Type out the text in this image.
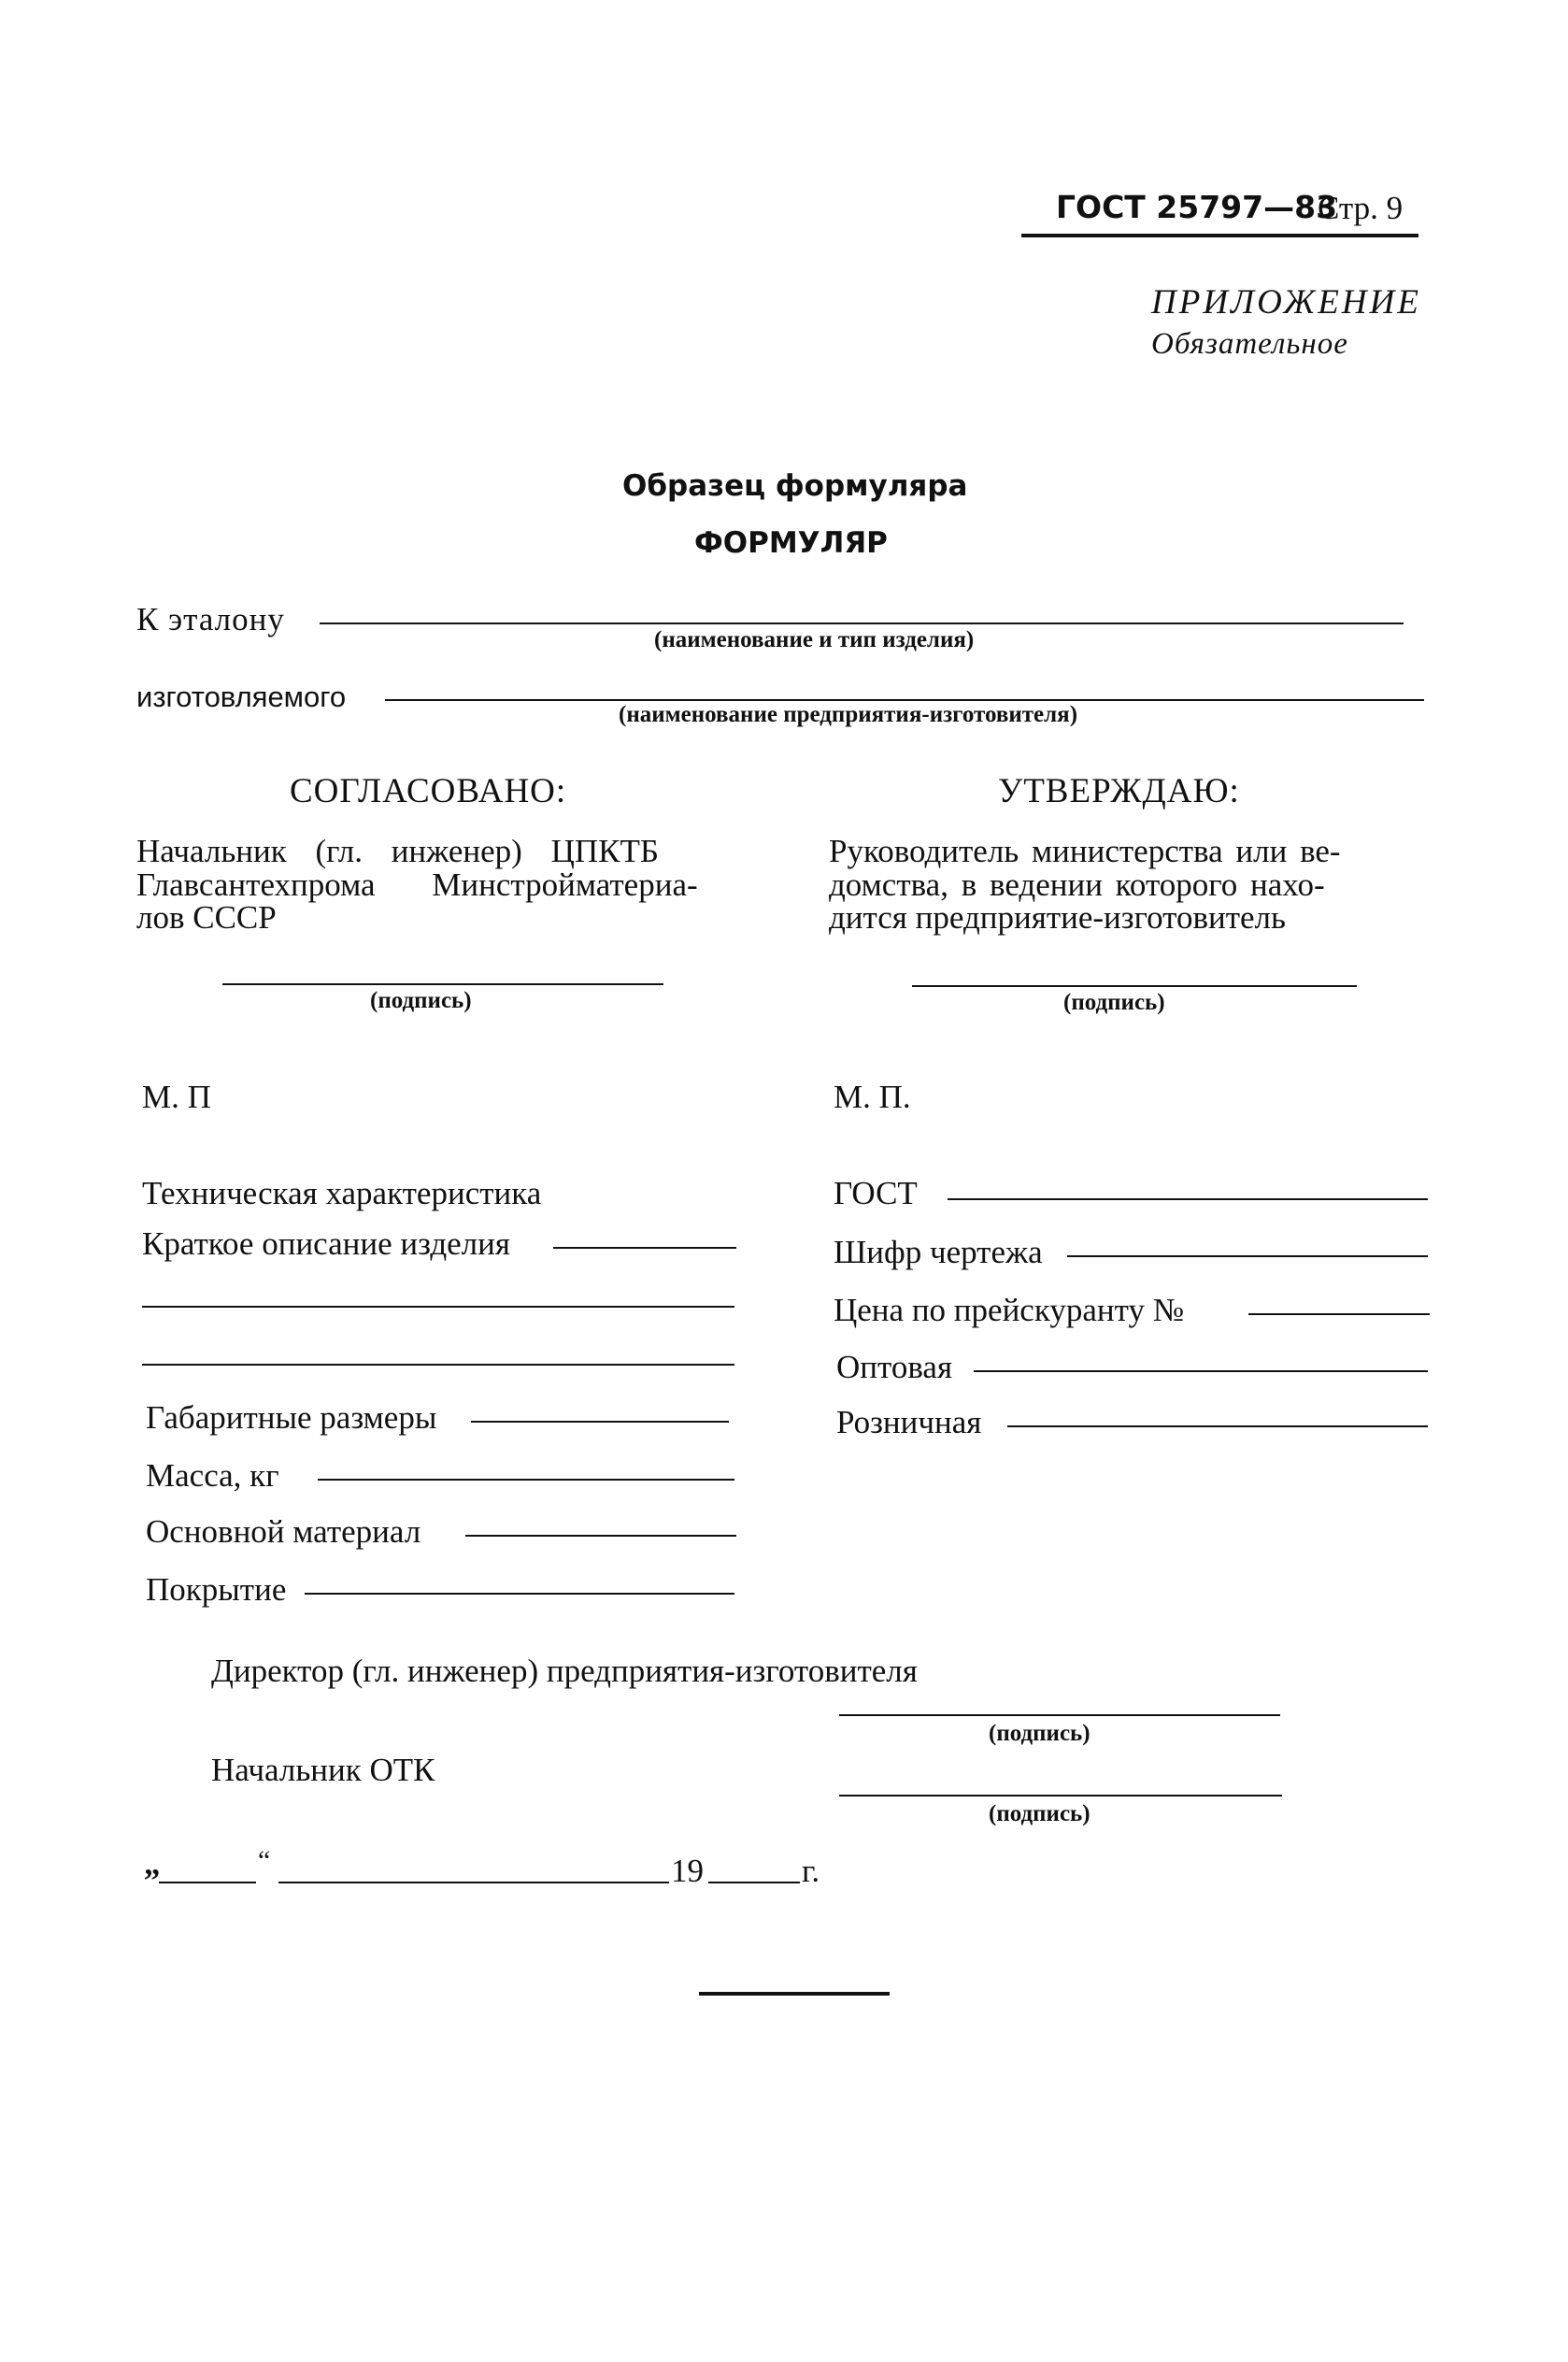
ГОСТ 25797—83
Стр. 9
ПРИЛОЖЕНИЕ
Обязательное
Образец формуляра
ФОРМУЛЯР
К эталону
(наименование и тип изделия)
изготовляемого
(наименование предприятия-изготовителя)
СОГЛАСОВАНО:
Начальник (гл. инженер) ЦПКТБ
Главсантехпрома Минстройматериа-
лов СССР
(подпись)
М. П
УТВЕРЖДАЮ:
Руководитель министерства или ве-
домства, в ведении которого нахо-
дится предприятие-изготовитель
(подпись)
М. П.
Техническая характеристика
Краткое описание изделия
Габаритные размеры
Масса, кг
Основной материал
Покрытие
ГОСТ
Шифр чертежа
Цена по прейскуранту №
Оптовая
Розничная
Директор (гл. инженер) предприятия-изготовителя
(подпись)
Начальник ОТК
(подпись)
„	“	19	г.
